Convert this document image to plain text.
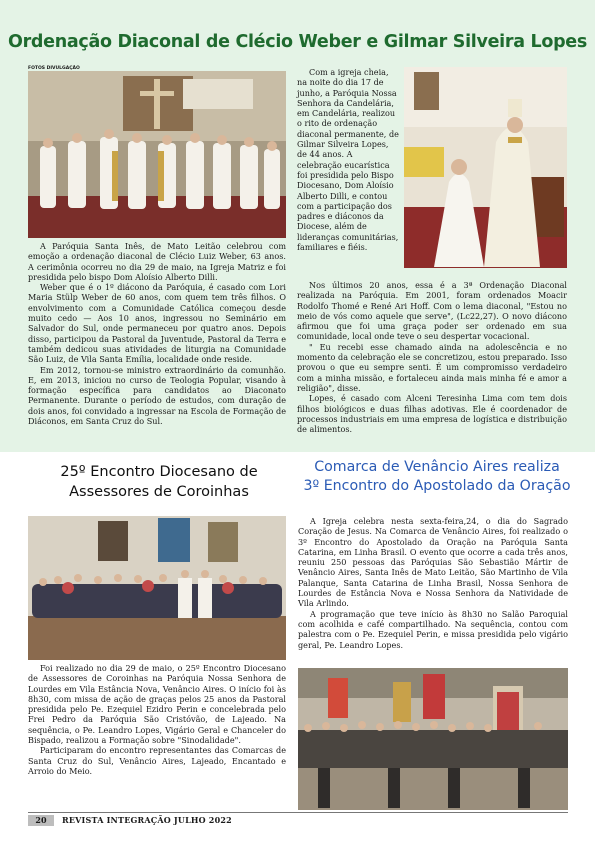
Ordenação Diaconal de Clécio Weber e Gilmar Silveira Lopes
FOTOS DIVULGAÇÃO

A Paróquia Santa Inês, de Mato Leitão celebrou com emoção a ordenação diaconal de Clécio Luiz Weber, 63 anos. A cerimônia ocorreu no dia 29 de maio, na Igreja Matriz e foi presidida pelo bispo Dom Aloísio Alberto Dilli.

Weber que é o 1º diácono da Paróquia, é casado com Lori Maria Stülp Weber de 60 anos, com quem tem três filhos. O envolvimento com a Comunidade Católica começou desde muito cedo — Aos 10 anos, ingressou no Seminário em Salvador do Sul, onde permaneceu por quatro anos. Depois disso, participou da Pastoral da Juventude, Pastoral da Terra e também dedicou suas atividades de liturgia na Comunidade São Luiz, de Vila Santa Emília, localidade onde reside.

Em 2012, tornou-se ministro extraordinário da comunhão. E, em 2013, iniciou no curso de Teologia Popular, visando à formação específica para candidatos ao Diaconato Permanente. Durante o período de estudos, com duração de dois anos, foi convidado a ingressar na Escola de Formação de Diáconos, em Santa Cruz do Sul.

Com a igreja cheia, na noite do dia 17 de junho, a Paróquia Nossa Senhora da Candelária, em Candelária, realizou o rito de ordenação diaconal permanente, de Gilmar Silveira Lopes, de 44 anos. A celebração eucarística foi presidida pelo Bispo Diocesano, Dom Aloísio Alberto Dilli, e contou com a participação dos padres e diáconos da Diocese, além de lideranças comunitárias, familiares e fiéis.

Nos últimos 20 anos, essa é a 3ª Ordenação Diaconal realizada na Paróquia. Em 2001, foram ordenados Moacir Rodolfo Thomé e René Ari Hoff. Com o lema diaconal, "Estou no meio de vós como aquele que serve", (Lc22,27). O novo diácono afirmou que foi uma graça poder ser ordenado em sua comunidade, local onde teve o seu despertar vocacional.

" Eu recebi esse chamado ainda na adolescência e no momento da celebração ele se concretizou, estou preparado. Isso provou o que eu sempre senti. É um compromisso verdadeiro com a minha missão, e fortaleceu ainda mais minha fé e amor a religião", disse.

Lopes, é casado com Alceni Teresinha Lima com tem dois filhos biológicos e duas filhas adotivas. Ele é coordenador de processos industriais em uma empresa de logística e distribuição de alimentos.

25º Encontro Diocesano de
Assessores de Coroinhas

Foi realizado no dia 29 de maio, o 25º Encontro Diocesano de Assessores de Coroinhas na Paróquia Nossa Senhora de Lourdes em Vila Estância Nova, Venâncio Aires. O início foi às 8h30, com missa de ação de graças pelos 25 anos da Pastoral presidida pelo Pe. Ezequiel Ezidro Perin e concelebrada pelo Frei Pedro da Paróquia São Cristóvão, de Lajeado. Na sequência, o Pe. Leandro Lopes, Vigário Geral e Chanceler do Bispado, realizou a Formação sobre "Sinodalidade".

Participaram do encontro representantes das Comarcas de Santa Cruz do Sul, Venâncio Aires, Lajeado, Encantado e Arroio do Meio.

Comarca de Venâncio Aires realiza
3º Encontro do Apostolado da Oração

A Igreja celebra nesta sexta-feira,24, o dia do Sagrado Coração de Jesus. Na Comarca de Venâncio Aires, foi realizado o 3º Encontro do Apostolado da Oração na Paróquia Santa Catarina, em Linha Brasil. O evento que ocorre a cada três anos, reuniu 250 pessoas das Paróquias São Sebastião Mártir de Venâncio Aires, Santa Inês de Mato Leitão, São Martinho de Vila Palanque, Santa Catarina de Linha Brasil, Nossa Senhora de Lourdes de Estância Nova e Nossa Senhora da Natividade de Vila Arlindo.

A programação que teve início às 8h30 no Salão Paroquial com acolhida e café compartilhado. Na sequência, contou com palestra com o Pe. Ezequiel Perin, e missa presidida pelo vigário geral, Pe. Leandro Lopes.

20	REVISTA INTEGRAÇÃO JULHO 2022
